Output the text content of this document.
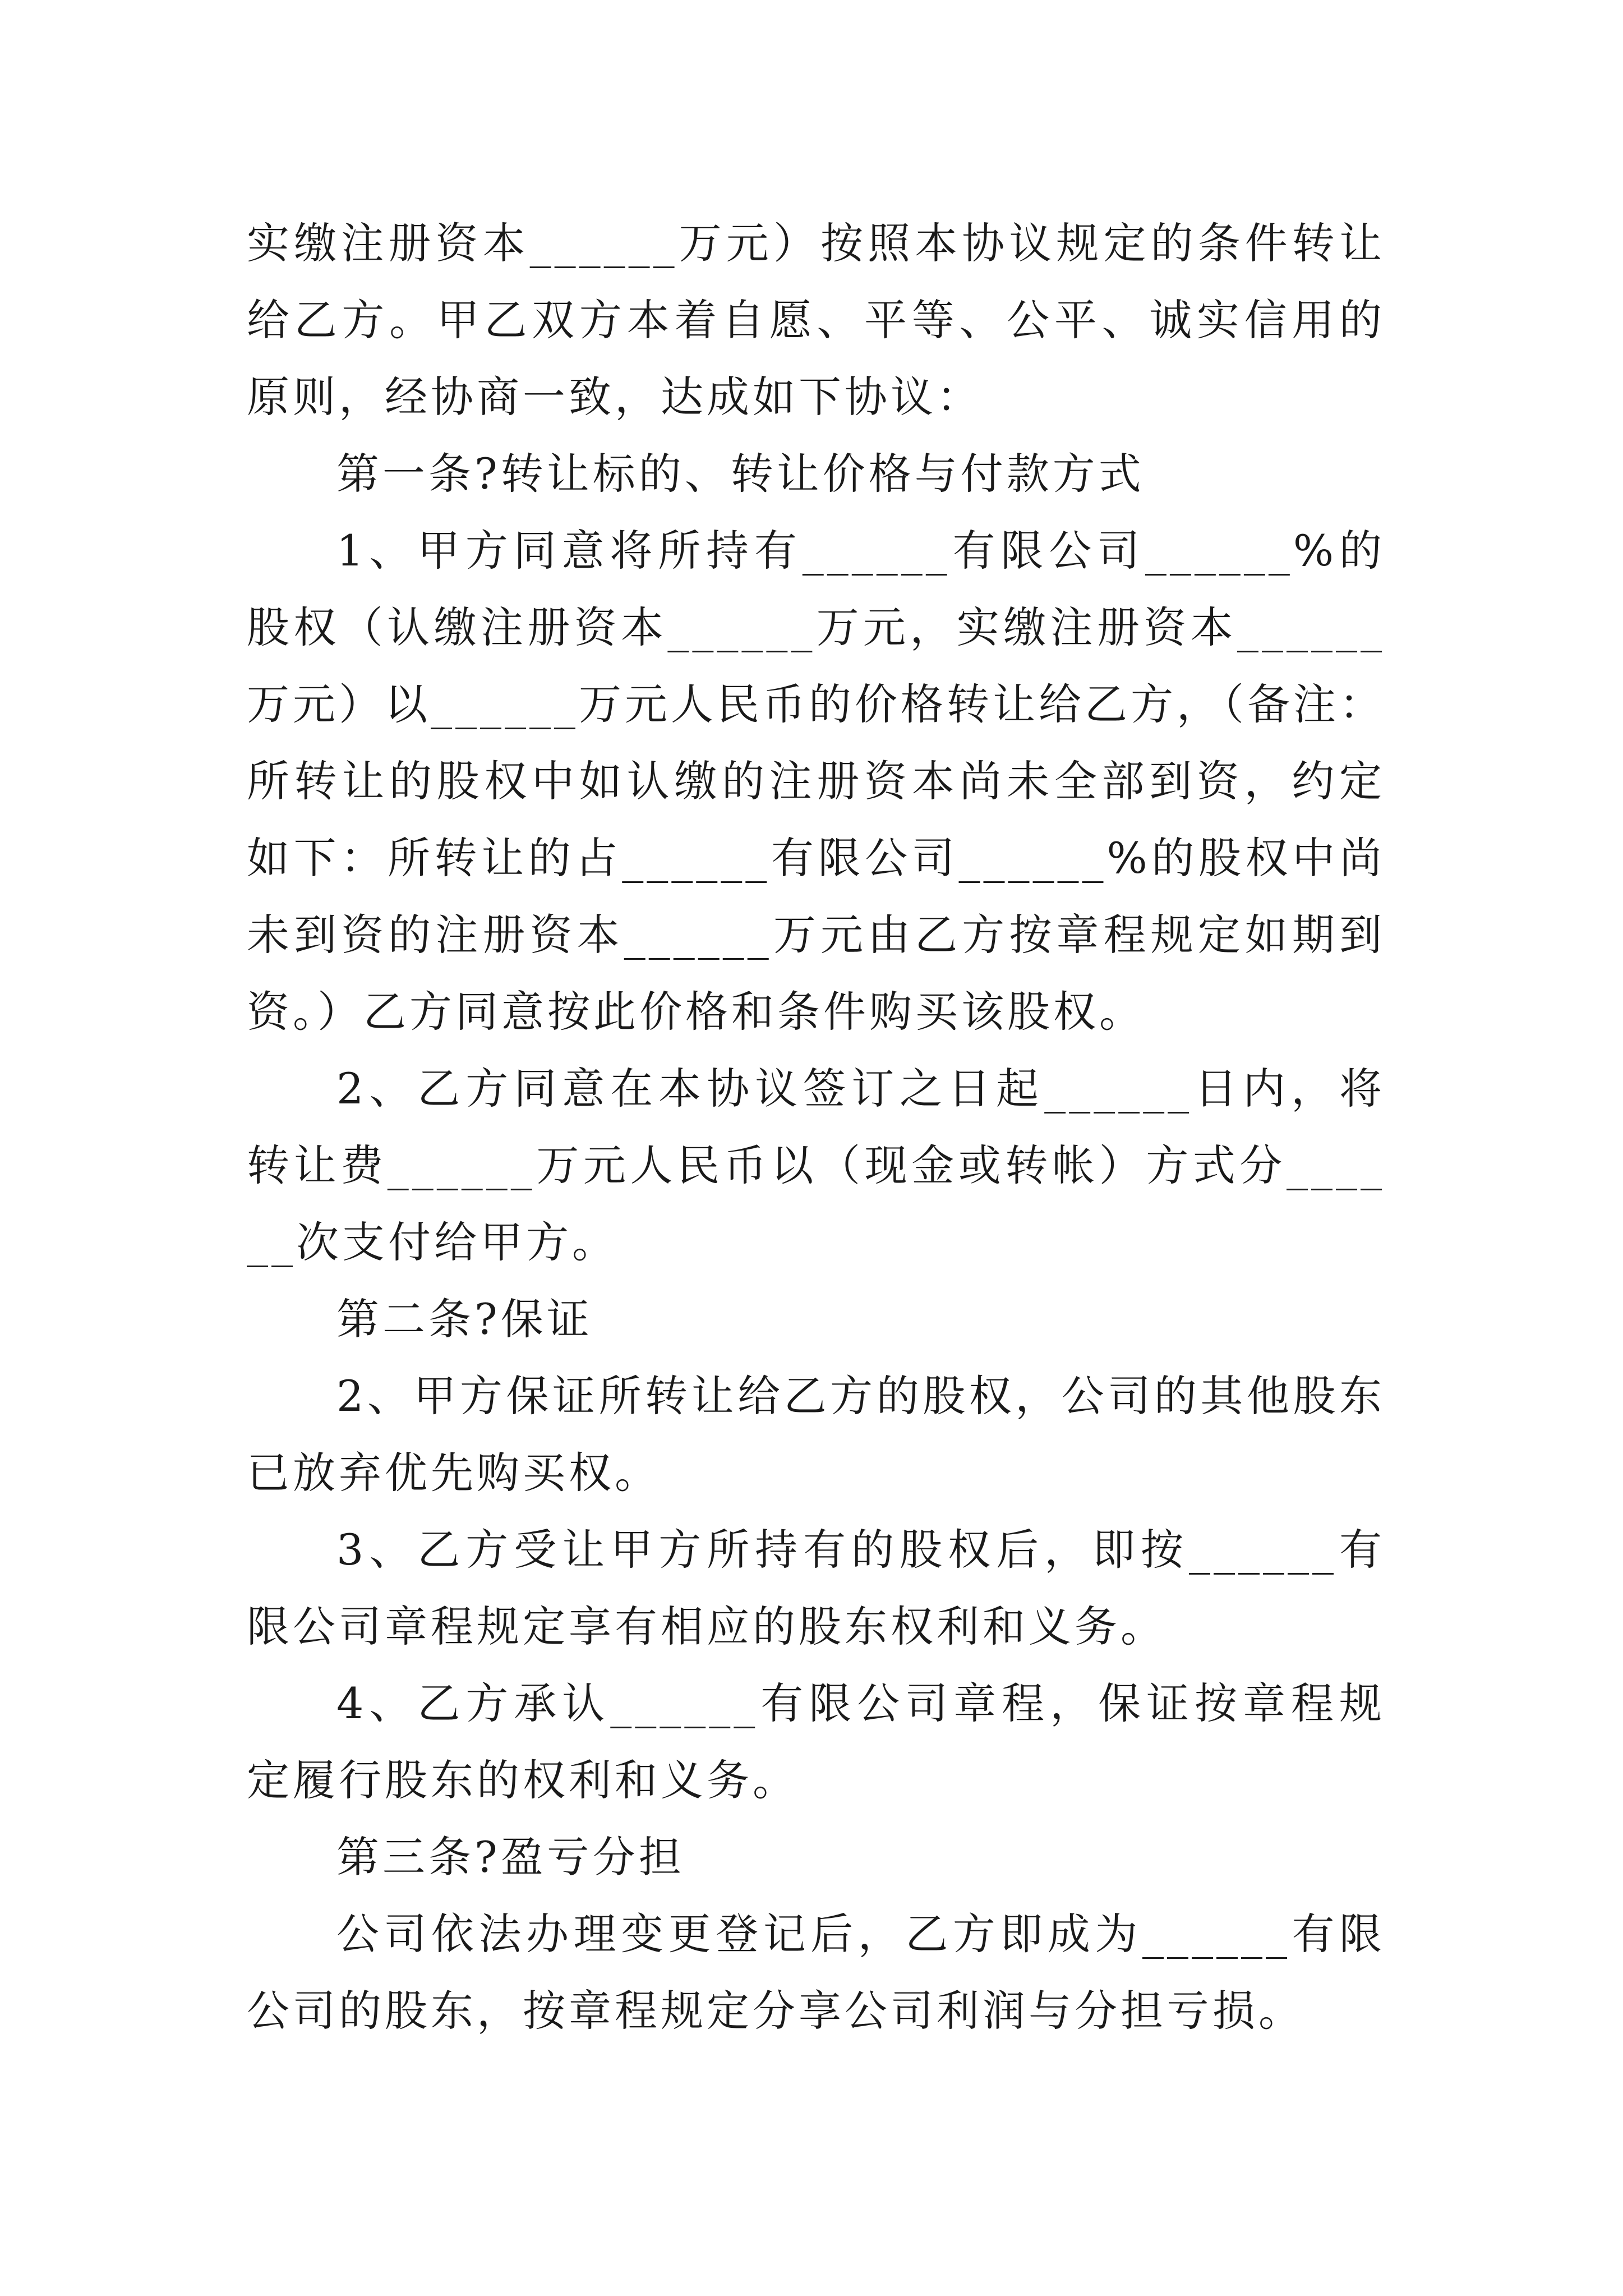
实缴注册资本______万元）按照本协议规定的条件转让给乙方。甲乙双方本着自愿、平等、公平、诚实信用的原则，经协商一致，达成如下协议：

第一条?转让标的、转让价格与付款方式

1、甲方同意将所持有______有限公司______%的股权（认缴注册资本______万元，实缴注册资本______万元）以______万元人民币的价格转让给乙方，（备注：所转让的股权中如认缴的注册资本尚未全部到资，约定如下：所转让的占______有限公司______%的股权中尚未到资的注册资本______万元由乙方按章程规定如期到资。）乙方同意按此价格和条件购买该股权。

2、乙方同意在本协议签订之日起______日内，将转让费______万元人民币以（现金或转帐）方式分______次支付给甲方。

第二条?保证

2、甲方保证所转让给乙方的股权，公司的其他股东已放弃优先购买权。

3、乙方受让甲方所持有的股权后，即按______有限公司章程规定享有相应的股东权利和义务。

4、乙方承认______有限公司章程，保证按章程规定履行股东的权利和义务。

第三条?盈亏分担

公司依法办理变更登记后，乙方即成为______有限公司的股东，按章程规定分享公司利润与分担亏损。
